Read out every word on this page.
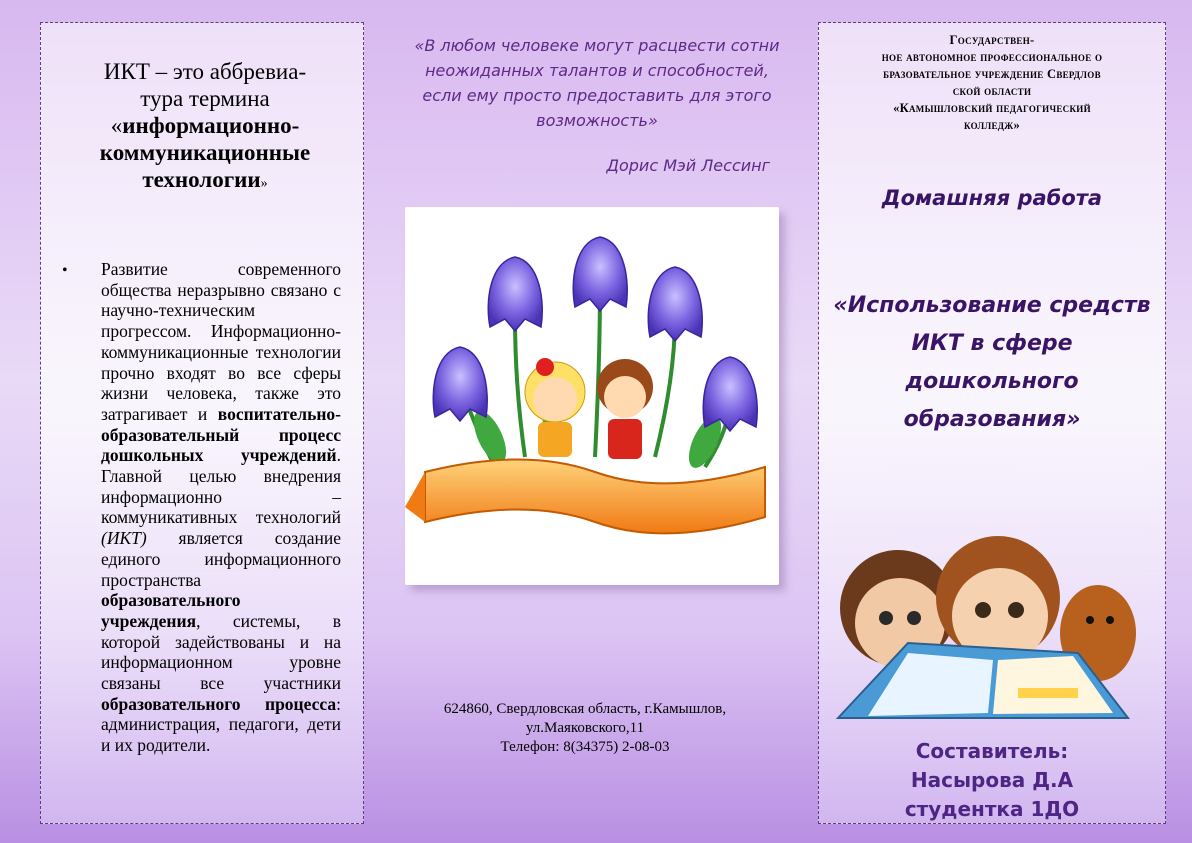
ИКТ – это аббревиа-
тура термина
«информационно-
коммуникационные
технологии»
• Развитие современного общества неразрывно связано с научно-техническим прогрессом. Информационно-коммуникационные технологии прочно входят во все сферы жизни человека, также это затрагивает и воспитательно-образовательный процесс дошкольных учреждений. Главной целью внедрения информационно – коммуникативных технологий (ИКТ) является создание единого информационного пространства образовательного учреждения, системы, в которой задействованы и на информационном уровне связаны все участники образовательного процесса: администрация, педагоги, дети и их родители.
«В любом человеке могут расцвести сотни неожиданных талантов и способностей, если ему просто предоставить для этого возможность»
Дорис Мэй Лессинг
624860, Свердловская область, г.Камышлов,
ул.Маяковского,11
Телефон: 8(34375) 2-08-03
Государствен-
ное автономное профессиональное о
бразовательное учреждение Свердлов
ской области
«Камышловский педагогический
колледж»
Домашняя работа
«Использование средств
ИКТ в сфере дошкольного
образования»
Составитель:
Насырова Д.А
студентка 1ДО
